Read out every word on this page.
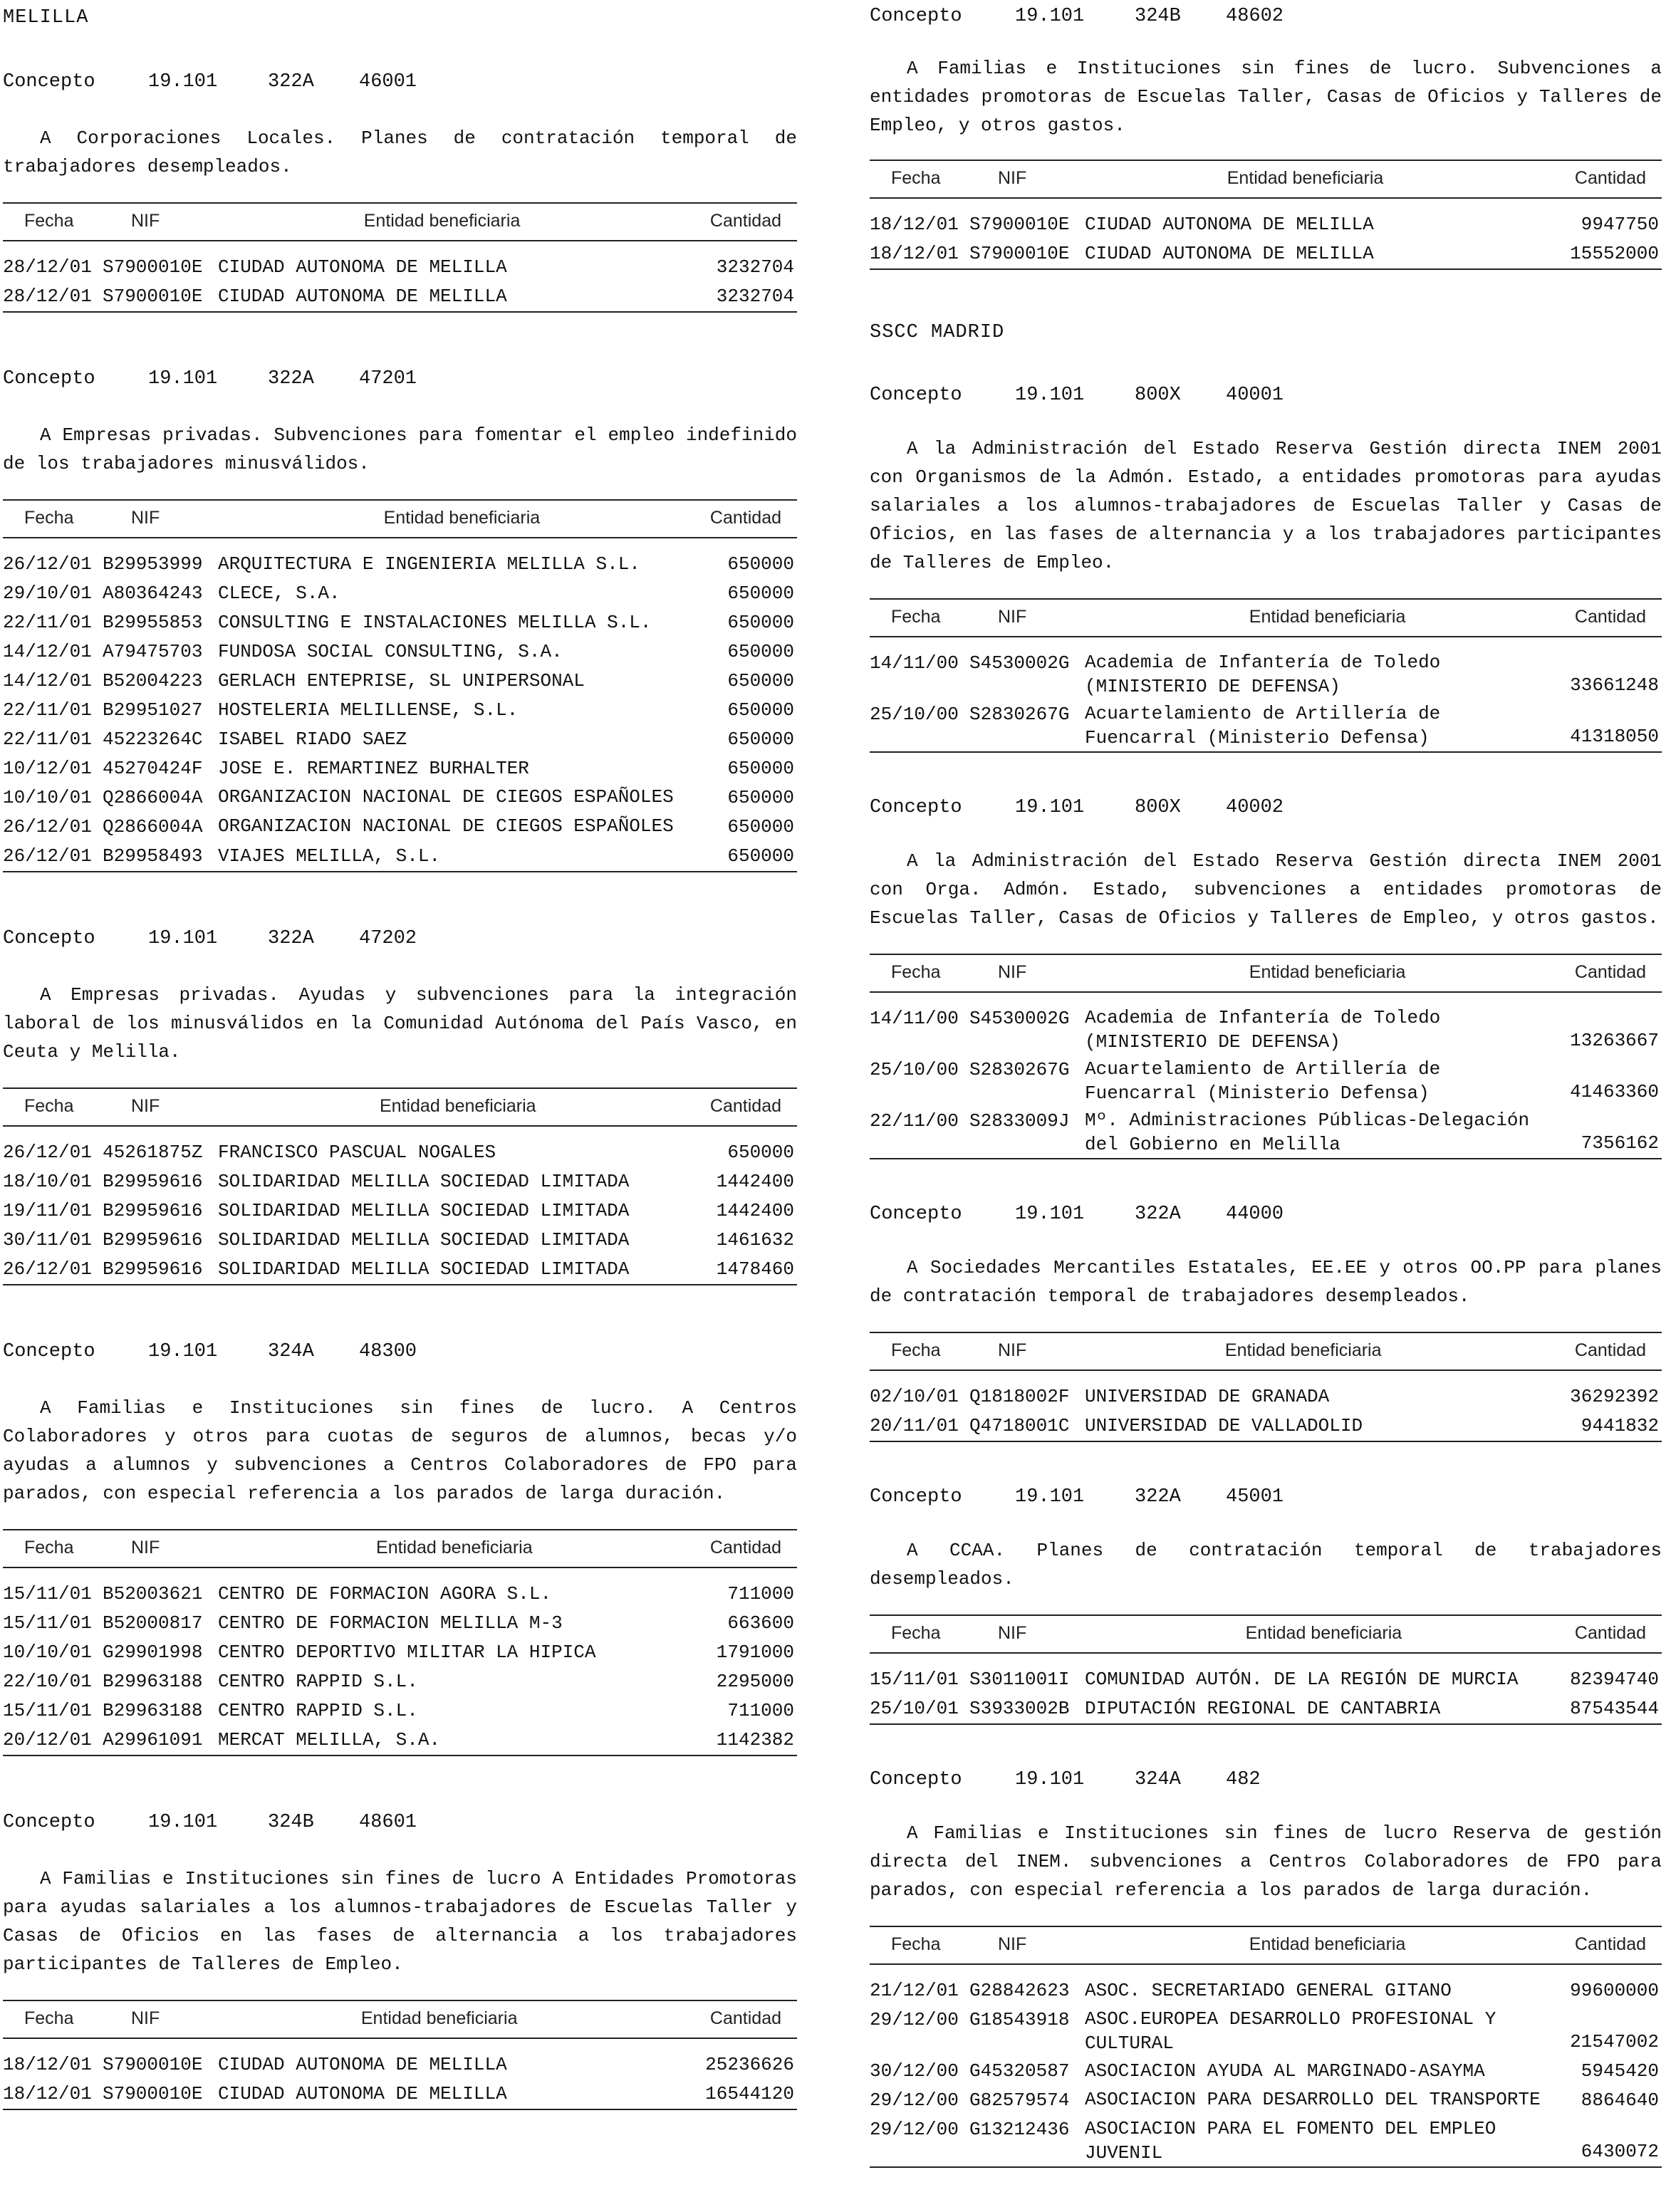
MELILLA

Concepto	19.101	322A	46001

A Corporaciones Locales. Planes de contratación temporal de trabajadores desempleados.

Fecha	NIF	Entidad beneficiaria	Cantidad
28/12/01	S7900010E	CIUDAD AUTONOMA DE MELILLA	3232704
28/12/01	S7900010E	CIUDAD AUTONOMA DE MELILLA	3232704

Concepto	19.101	322A	47201

A Empresas privadas. Subvenciones para fomentar el empleo indefinido de los trabajadores minusválidos.

Fecha	NIF	Entidad beneficiaria	Cantidad
26/12/01	B29953999	ARQUITECTURA E INGENIERIA MELILLA S.L.	650000
29/10/01	A80364243	CLECE, S.A.	650000
22/11/01	B29955853	CONSULTING E INSTALACIONES MELILLA S.L.	650000
14/12/01	A79475703	FUNDOSA SOCIAL CONSULTING, S.A.	650000
14/12/01	B52004223	GERLACH ENTEPRISE, SL UNIPERSONAL	650000
22/11/01	B29951027	HOSTELERIA MELILLENSE, S.L.	650000
22/11/01	45223264C	ISABEL RIADO SAEZ	650000
10/12/01	45270424F	JOSE E. REMARTINEZ BURHALTER	650000
10/10/01	Q2866004A	ORGANIZACION NACIONAL DE CIEGOS ESPAÑOLES	650000
26/12/01	Q2866004A	ORGANIZACION NACIONAL DE CIEGOS ESPAÑOLES	650000
26/12/01	B29958493	VIAJES MELILLA, S.L.	650000

Concepto	19.101	322A	47202

A Empresas privadas. Ayudas y subvenciones para la integración laboral de los minusválidos en la Comunidad Autónoma del País Vasco, en Ceuta y Melilla.

Fecha	NIF	Entidad beneficiaria	Cantidad
26/12/01	45261875Z	FRANCISCO PASCUAL NOGALES	650000
18/10/01	B29959616	SOLIDARIDAD MELILLA SOCIEDAD LIMITADA	1442400
19/11/01	B29959616	SOLIDARIDAD MELILLA SOCIEDAD LIMITADA	1442400
30/11/01	B29959616	SOLIDARIDAD MELILLA SOCIEDAD LIMITADA	1461632
26/12/01	B29959616	SOLIDARIDAD MELILLA SOCIEDAD LIMITADA	1478460

Concepto	19.101	324A	48300

A Familias e Instituciones sin fines de lucro. A Centros Colaboradores y otros para cuotas de seguros de alumnos, becas y/o ayudas a alumnos y subvenciones a Centros Colaboradores de FPO para parados, con especial referencia a los parados de larga duración.

Fecha	NIF	Entidad beneficiaria	Cantidad
15/11/01	B52003621	CENTRO DE FORMACION AGORA S.L.	711000
15/11/01	B52000817	CENTRO DE FORMACION MELILLA M-3	663600
10/10/01	G29901998	CENTRO DEPORTIVO MILITAR LA HIPICA	1791000
22/10/01	B29963188	CENTRO RAPPID S.L.	2295000
15/11/01	B29963188	CENTRO RAPPID S.L.	711000
20/12/01	A29961091	MERCAT MELILLA, S.A.	1142382

Concepto	19.101	324B	48601

A Familias e Instituciones sin fines de lucro A Entidades Promotoras para ayudas salariales a los alumnos-trabajadores de Escuelas Taller y Casas de Oficios en las fases de alternancia a los trabajadores participantes de Talleres de Empleo.

Fecha	NIF	Entidad beneficiaria	Cantidad
18/12/01	S7900010E	CIUDAD AUTONOMA DE MELILLA	25236626
18/12/01	S7900010E	CIUDAD AUTONOMA DE MELILLA	16544120

Concepto	19.101	324B	48602

A Familias e Instituciones sin fines de lucro. Subvenciones a entidades promotoras de Escuelas Taller, Casas de Oficios y Talleres de Empleo, y otros gastos.

Fecha	NIF	Entidad beneficiaria	Cantidad
18/12/01	S7900010E	CIUDAD AUTONOMA DE MELILLA	9947750
18/12/01	S7900010E	CIUDAD AUTONOMA DE MELILLA	15552000

SSCC MADRID

Concepto	19.101	800X	40001

A la Administración del Estado Reserva Gestión directa INEM 2001 con Organismos de la Admón. Estado, a entidades promotoras para ayudas salariales a los alumnos-trabajadores de Escuelas Taller y Casas de Oficios, en las fases de alternancia y a los trabajadores participantes de Talleres de Empleo.

Fecha	NIF	Entidad beneficiaria	Cantidad
14/11/00	S4530002G	Academia de Infantería de Toledo (MINISTERIO DE DEFENSA)	33661248
25/10/00	S2830267G	Acuartelamiento de Artillería de Fuencarral (Ministerio Defensa)	41318050

Concepto	19.101	800X	40002

A la Administración del Estado Reserva Gestión directa INEM 2001 con Orga. Admón. Estado, subvenciones a entidades promotoras de Escuelas Taller, Casas de Oficios y Talleres de Empleo, y otros gastos.

Fecha	NIF	Entidad beneficiaria	Cantidad
14/11/00	S4530002G	Academia de Infantería de Toledo (MINISTERIO DE DEFENSA)	13263667
25/10/00	S2830267G	Acuartelamiento de Artillería de Fuencarral (Ministerio Defensa)	41463360
22/11/00	S2833009J	Mº. Administraciones Públicas-Delegación del Gobierno en Melilla	7356162

Concepto	19.101	322A	44000

A Sociedades Mercantiles Estatales, EE.EE y otros OO.PP para planes de contratación temporal de trabajadores desempleados.

Fecha	NIF	Entidad beneficiaria	Cantidad
02/10/01	Q1818002F	UNIVERSIDAD DE GRANADA	36292392
20/11/01	Q4718001C	UNIVERSIDAD DE VALLADOLID	9441832

Concepto	19.101	322A	45001

A CCAA. Planes de contratación temporal de trabajadores desempleados.

Fecha	NIF	Entidad beneficiaria	Cantidad
15/11/01	S3011001I	COMUNIDAD AUTÓN. DE LA REGIÓN DE MURCIA	82394740
25/10/01	S3933002B	DIPUTACIÓN REGIONAL DE CANTABRIA	87543544

Concepto	19.101	324A	482

A Familias e Instituciones sin fines de lucro Reserva de gestión directa del INEM. subvenciones a Centros Colaboradores de FPO para parados, con especial referencia a los parados de larga duración.

Fecha	NIF	Entidad beneficiaria	Cantidad
21/12/01	G28842623	ASOC. SECRETARIADO GENERAL GITANO	99600000
29/12/00	G18543918	ASOC.EUROPEA DESARROLLO PROFESIONAL Y CULTURAL	21547002
30/12/00	G45320587	ASOCIACION AYUDA AL MARGINADO-ASAYMA	5945420
29/12/00	G82579574	ASOCIACION PARA DESARROLLO DEL TRANSPORTE	8864640
29/12/00	G13212436	ASOCIACION PARA EL FOMENTO DEL EMPLEO JUVENIL	6430072
